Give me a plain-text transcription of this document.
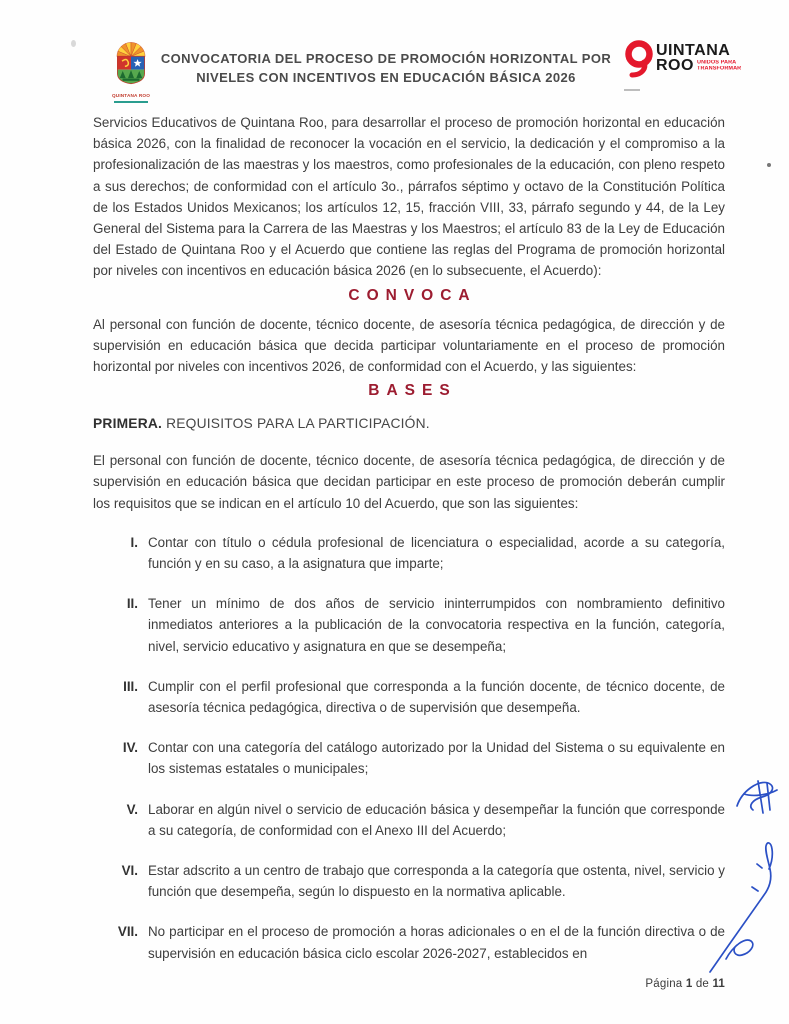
QUINTANA ROO
CONVOCATORIA DEL PROCESO DE PROMOCIÓN HORIZONTAL POR NIVELES CON INCENTIVOS EN EDUCACIÓN BÁSICA 2026
UINTANA
ROO UNIDOS PARA
TRANSFORMAR

Servicios Educativos de Quintana Roo, para desarrollar el proceso de promoción horizontal en educación básica 2026, con la finalidad de reconocer la vocación en el servicio, la dedicación y el compromiso a la profesionalización de las maestras y los maestros, como profesionales de la educación, con pleno respeto a sus derechos; de conformidad con el artículo 3o., párrafos séptimo y octavo de la Constitución Política de los Estados Unidos Mexicanos; los artículos 12, 15, fracción VIII, 33, párrafo segundo y 44, de la Ley General del Sistema para la Carrera de las Maestras y los Maestros; el artículo 83 de la Ley de Educación del Estado de Quintana Roo y el Acuerdo que contiene las reglas del Programa de promoción horizontal por niveles con incentivos en educación básica 2026 (en lo subsecuente, el Acuerdo):

CONVOCA

Al personal con función de docente, técnico docente, de asesoría técnica pedagógica, de dirección y de supervisión en educación básica que decida participar voluntariamente en el proceso de promoción horizontal por niveles con incentivos 2026, de conformidad con el Acuerdo, y las siguientes:

BASES

PRIMERA. REQUISITOS PARA LA PARTICIPACIÓN.

El personal con función de docente, técnico docente, de asesoría técnica pedagógica, de dirección y de supervisión en educación básica que decidan participar en este proceso de promoción deberán cumplir los requisitos que se indican en el artículo 10 del Acuerdo, que son las siguientes:

I. Contar con título o cédula profesional de licenciatura o especialidad, acorde a su categoría, función y en su caso, a la asignatura que imparte;
II. Tener un mínimo de dos años de servicio ininterrumpidos con nombramiento definitivo inmediatos anteriores a la publicación de la convocatoria respectiva en la función, categoría, nivel, servicio educativo y asignatura en que se desempeña;
III. Cumplir con el perfil profesional que corresponda a la función docente, de técnico docente, de asesoría técnica pedagógica, directiva o de supervisión que desempeña.
IV. Contar con una categoría del catálogo autorizado por la Unidad del Sistema o su equivalente en los sistemas estatales o municipales;
V. Laborar en algún nivel o servicio de educación básica y desempeñar la función que corresponde a su categoría, de conformidad con el Anexo III del Acuerdo;
VI. Estar adscrito a un centro de trabajo que corresponda a la categoría que ostenta, nivel, servicio y función que desempeña, según lo dispuesto en la normativa aplicable.
VII. No participar en el proceso de promoción a horas adicionales o en el de la función directiva o de supervisión en educación básica ciclo escolar 2026-2027, establecidos en
Página 1 de 11
